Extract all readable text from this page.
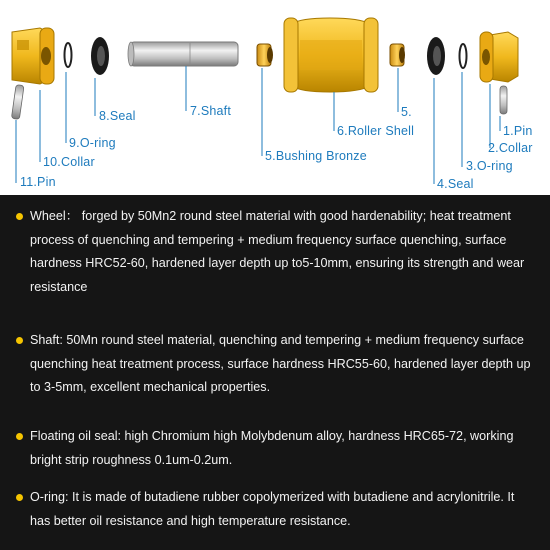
11.Pin
10.Collar
9.O-ring
8.Seal	7.Shaft
5.Bushing Bronze
6.Roller Shell
5.
4.Seal
3.O-ring
2.Collar
1.Pin
Wheel： forged by 50Mn2 round steel material with good hardenability; heat treatment process of quenching and tempering + medium frequency surface quenching, surface hardness HRC52-60, hardened layer depth up to5-10mm, ensuring its strength and wear resistance
Shaft: 50Mn round steel material, quenching and tempering + medium frequency surface quenching heat treatment process, surface hardness HRC55-60, hardened layer depth up to 3-5mm, excellent mechanical properties.
Floating oil seal: high Chromium high Molybdenum alloy, hardness HRC65-72, working bright strip roughness 0.1um-0.2um.
O-ring: It is made of butadiene rubber copolymerized with butadiene and acrylonitrile. It has better oil resistance and high temperature resistance.
